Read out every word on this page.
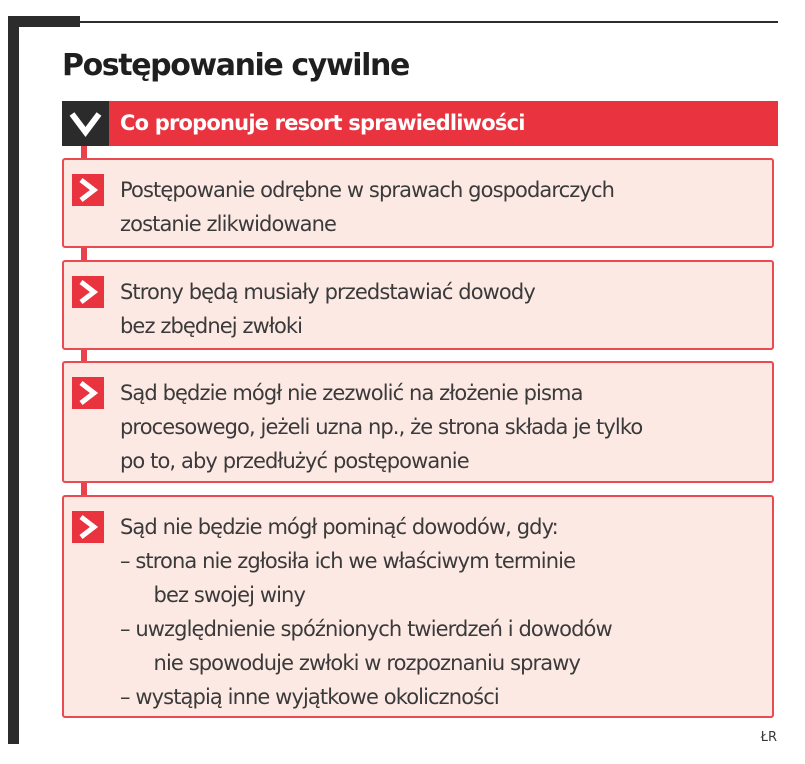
Postępowanie cywilne
Co proponuje resort sprawiedliwości
Postępowanie odrębne w sprawach gospodarczych
zostanie zlikwidowane
Strony będą musiały przedstawiać dowody
bez zbędnej zwłoki
Sąd będzie mógł nie zezwolić na złożenie pisma
procesowego, jeżeli uzna np., że strona składa je tylko
po to, aby przedłużyć postępowanie
Sąd nie będzie mógł pominąć dowodów, gdy:
– strona nie zgłosiła ich we właściwym terminie
bez swojej winy
– uwzględnienie spóźnionych twierdzeń i dowodów
nie spowoduje zwłoki w rozpoznaniu sprawy
– wystąpią inne wyjątkowe okoliczności
ŁR
